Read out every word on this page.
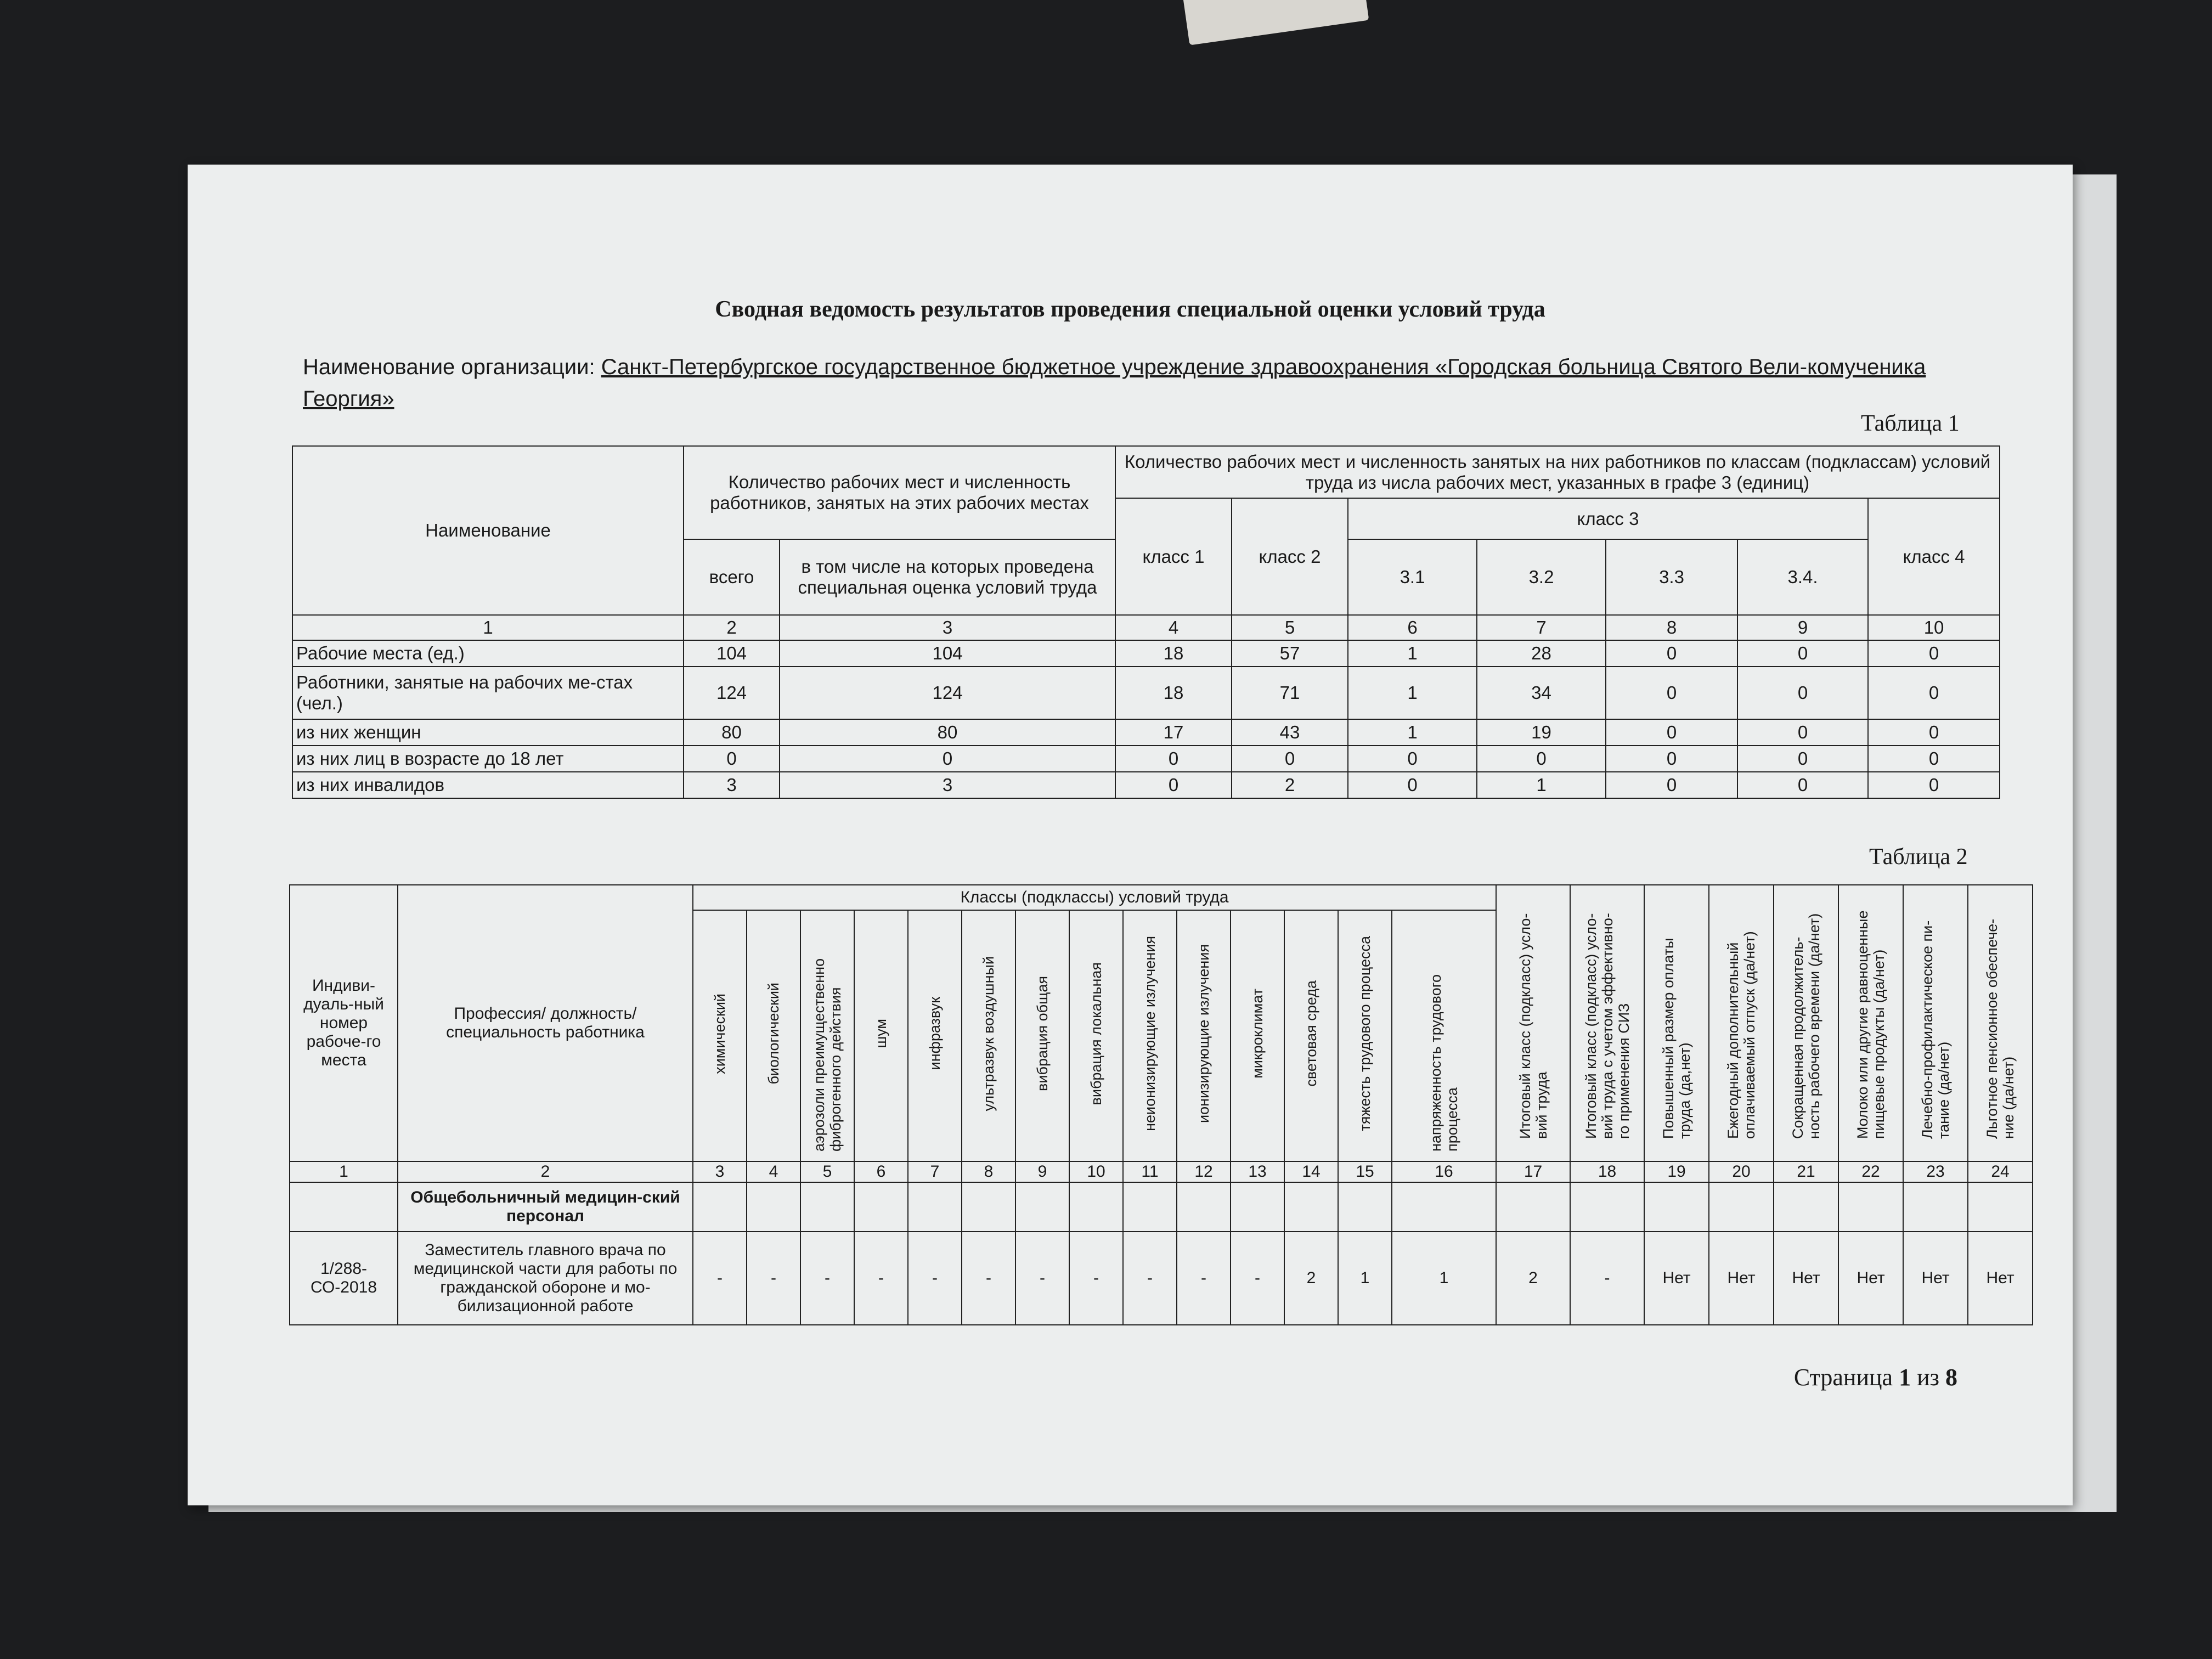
Сводная ведомость результатов проведения специальной оценки условий труда
Наименование организации: Санкт-Петербургское государственное бюджетное учреждение здравоохранения «Городская больница Святого Вели-комученика Георгия»
Таблица 1
Наименование	Количество рабочих мест и численность работников, занятых на этих рабочих местах		Количество рабочих мест и численность занятых на них работников по классам (подклассам) условий труда из числа рабочих мест, указанных в графе 3 (единиц)						
			класс 1	класс 2	класс 3				класс 4
	всего	в том числе на которых проведена специальная оценка условий труда			3.1	3.2	3.3	3.4.	
1	2	3	4	5	6	7	8	9	10
Рабочие места (ед.)	104	104	18	57	1	28	0	0	0
Работники, занятые на рабочих ме-стах (чел.)	124	124	18	71	1	34	0	0	0
из них женщин	80	80	17	43	1	19	0	0	0
из них лиц в возрасте до 18 лет	0	0	0	0	0	0	0	0	0
из них инвалидов	3	3	0	2	0	1	0	0	0
Таблица 2
Индиви-дуаль-ный номер рабоче-го места	Профессия/ должность/ специальность работника	Классы (подклассы) условий труда														Итоговый класс (подкласс) усло-вий труда	Итоговый класс (подкласс) усло-вий труда с учетом эффективно-го применения СИЗ	Повышенный размер оплаты труда (да,нет)	Ежегодный дополнительный оплачиваемый отпуск (да/нет)	Сокращенная продолжитель-ность рабочего времени (да/нет)	Молоко или другие равноценные пищевые продукты (да/нет)	Лечебно-профилактическое пи-тание (да/нет)	Льготное пенсионное обеспече-ние (да/нет)
		химический	биологический	аэрозоли преимущественно фиброгенного действия	шум	инфразвук	ультразвук воздушный	вибрация общая	вибрация локальная	неионизирующие излучения	ионизирующие излучения	микроклимат	световая среда	тяжесть трудового процесса	напряженность трудового процесса								
1	2	3	4	5	6	7	8	9	10	11	12	13	14	15	16	17	18	19	20	21	22	23	24
	Общебольничный медицин-ский персонал																						
1/288-СО-2018	Заместитель главного врача по медицинской части для работы по гражданской обороне и мо-билизационной работе	-	-	-	-	-	-	-	-	-	-	-	2	1	1	2	-	Нет	Нет	Нет	Нет	Нет	Нет
Страница 1 из 8
